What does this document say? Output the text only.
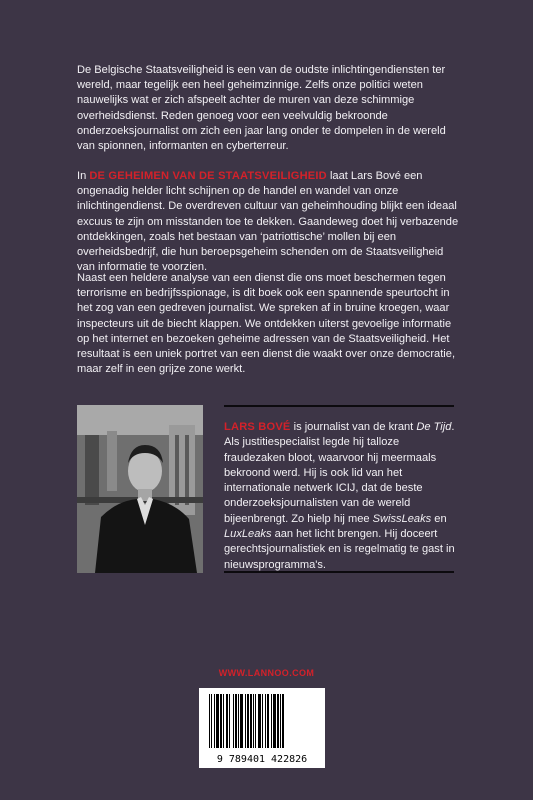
De Belgische Staatsveiligheid is een van de oudste inlichtingendiensten ter wereld, maar tegelijk een heel geheimzinnige. Zelfs onze politici weten nauwelijks wat er zich afspeelt achter de muren van deze schimmige overheidsdienst. Reden genoeg voor een veelvuldig bekroonde onderzoeksjournalist om zich een jaar lang onder te dompelen in de wereld van spionnen, informanten en cyberterreur.

In DE GEHEIMEN VAN DE STAATSVEILIGHEID laat Lars Bové een ongenadig helder licht schijnen op de handel en wandel van onze inlichtingendienst. De overdreven cultuur van geheimhouding blijkt een ideaal excuus te zijn om misstanden toe te dekken. Gaandeweg doet hij verbazende ontdekkingen, zoals het bestaan van ‘patriottische’ mollen bij een overheidsbedrijf, die hun beroepsgeheim schenden om de Staatsveiligheid van informatie te voorzien.

Naast een heldere analyse van een dienst die ons moet beschermen tegen terrorisme en bedrijfsspionage, is dit boek ook een spannende speurtocht in het zog van een gedreven journalist. We spreken af in bruine kroegen, waar inspecteurs uit de biecht klappen. We ontdekken uiterst gevoelige informatie op het internet en bezoeken geheime adressen van de Staatsveiligheid. Het resultaat is een uniek portret van een dienst die waakt over onze democratie, maar zelf in een grijze zone werkt.

LARS BOVÉ is journalist van de krant De Tijd. Als justitiespecialist legde hij talloze fraudezaken bloot, waarvoor hij meermaals bekroond werd. Hij is ook lid van het internationale netwerk ICIJ, dat de beste onderzoeksjournalisten van de wereld bijeenbrengt. Zo hielp hij mee SwissLeaks en LuxLeaks aan het licht brengen. Hij doceert gerechtsjournalistiek en is regelmatig te gast in nieuwsprogramma's.

WWW.LANNOO.COM
9 789401 422826
